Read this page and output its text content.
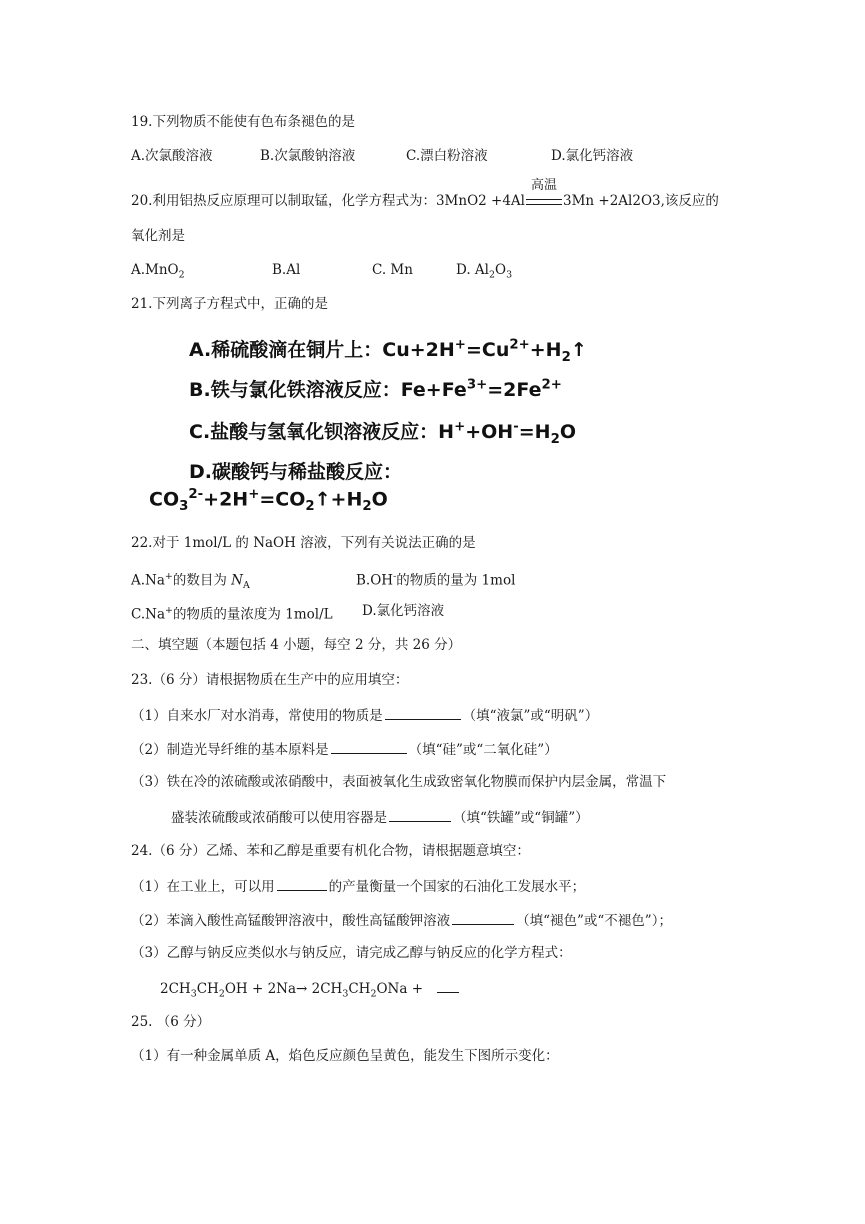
19.下列物质不能使有色布条褪色的是
A.次氯酸溶液	B.次氯酸钠溶液	C.漂白粉溶液	D.氯化钙溶液
20.利用铝热反应原理可以制取锰，化学方程式为：3MnO2 +4Al
高温
3Mn +2Al2O3,该反应的
氧化剂是
A.MnO$_2$	B.Al	C. Mn	D. $Al_2O_3$
21.下列离子方程式中，正确的是
A.稀硫酸滴在铜片上：$Cu+2H^+=Cu^{2+}+H_2↑$
B.铁与氯化铁溶液反应：$Fe+Fe^{3+}=2Fe^{2+}$
C.盐酸与氢氧化钡溶液反应：$H^++OH^-=H_2O$
D.碳酸钙与稀盐酸反应：
$CO_3^{2-}+2H^+=CO_2↑+H_2O$
22.对于 1mol/L 的 NaOH 溶液，下列有关说法正确的是
A.Na+的数目为 $N_A$	B.OH-的物质的量为 1mol
C.Na+的物质的量浓度为 1mol/L D.氯化钙溶液
二、填空题（本题包括 4 小题，每空 2 分，共 26 分）
23.（6 分）请根据物质在生产中的应用填空：
（1）自来水厂对水消毒，常使用的物质是	（填“液氯”或“明矾”）
（2）制造光导纤维的基本原料是	（填“硅”或“二氧化硅”）
（3）铁在冷的浓硫酸或浓硝酸中，表面被氧化生成致密氧化物膜而保护内层金属，常温下
盛装浓硫酸或浓硝酸可以使用容器是	（填“铁罐”或“铜罐”）
24.（6 分）乙烯、苯和乙醇是重要有机化合物，请根据题意填空：
（1）在工业上，可以用	的产量衡量一个国家的石油化工发展水平；
（2）苯滴入酸性高锰酸钾溶液中，酸性高锰酸钾溶液	（填“褪色”或“不褪色”）；
（3）乙醇与钠反应类似水与钠反应，请完成乙醇与钠反应的化学方程式：
$2CH_3CH_2OH + 2Na\to 2CH_3CH_2ONa$ +
25. （6 分）
（1）有一种金属单质 A，焰色反应颜色呈黄色，能发生下图所示变化：
